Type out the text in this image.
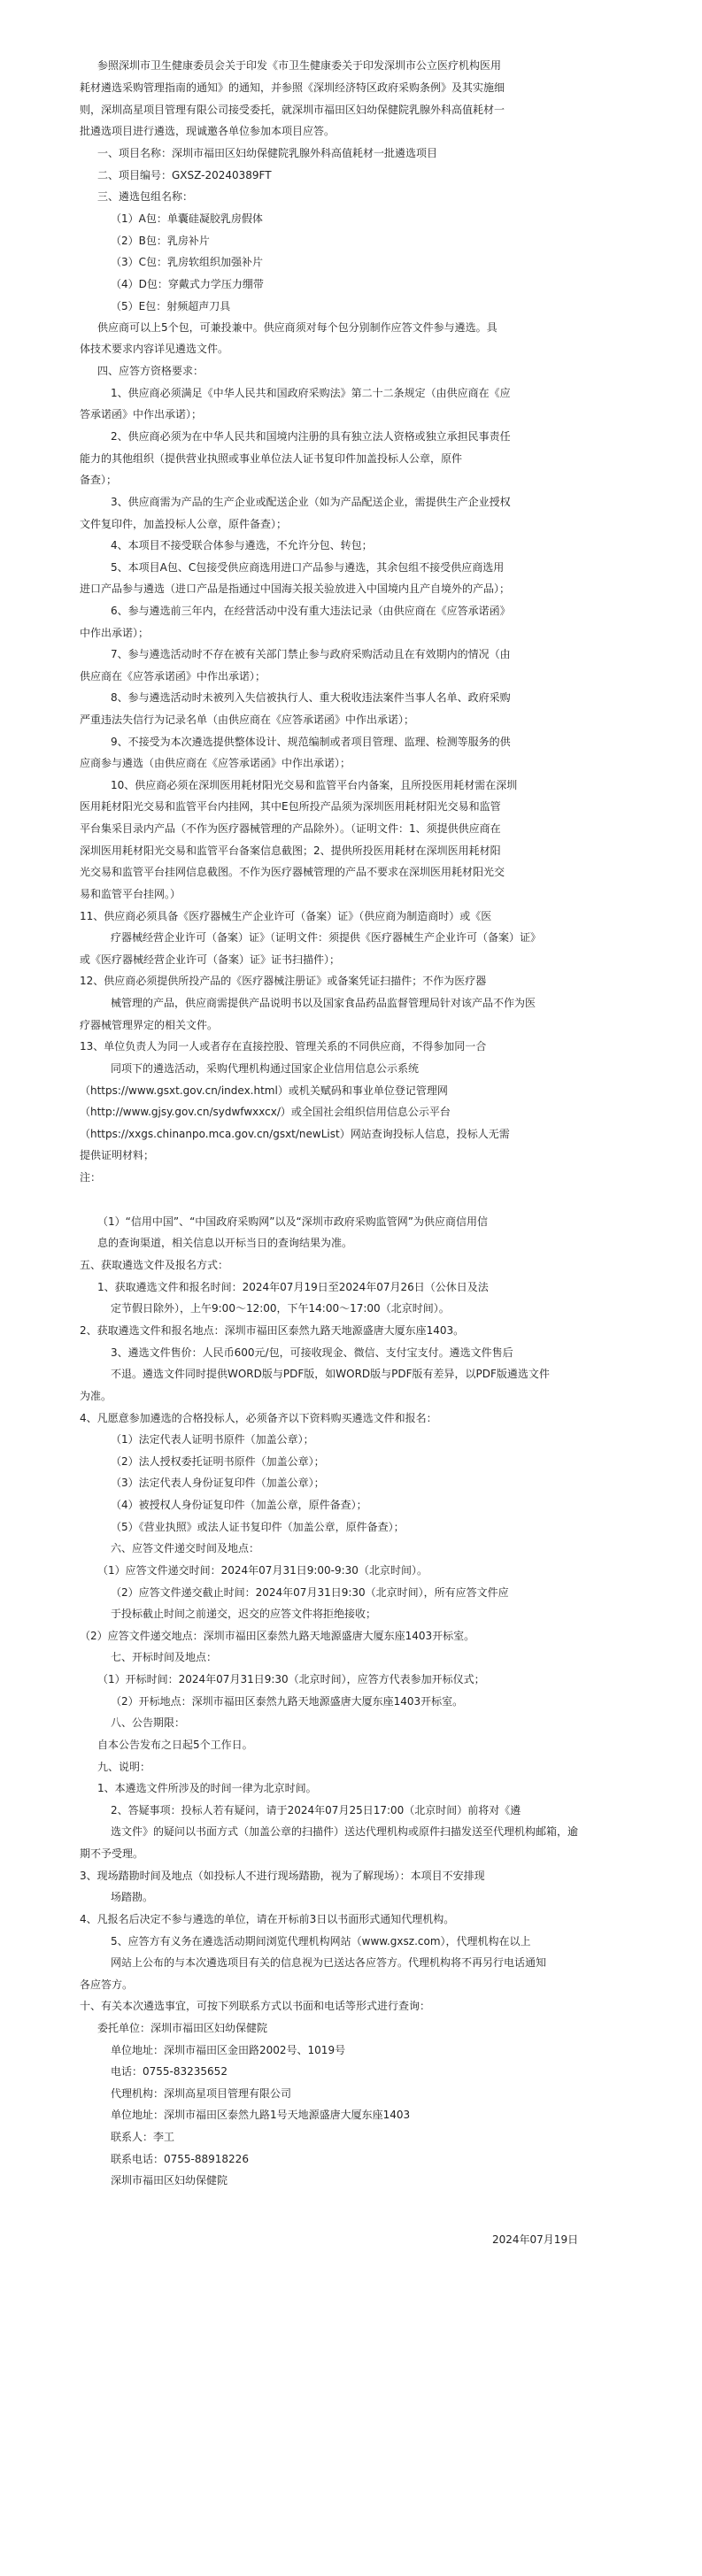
参照深圳市卫生健康委员会关于印发《市卫生健康委关于印发深圳市公立医疗机构医用
耗材遴选采购管理指南的通知》的通知，并参照《深圳经济特区政府采购条例》及其实施细
则，深圳高星项目管理有限公司接受委托，就深圳市福田区妇幼保健院乳腺外科高值耗材一
批遴选项目进行遴选，现诚邀各单位参加本项目应答。
一、项目名称：深圳市福田区妇幼保健院乳腺外科高值耗材一批遴选项目
二、项目编号：GXSZ-20240389FT
三、遴选包组名称：
（1）A包：单囊硅凝胶乳房假体
（2）B包：乳房补片
（3）C包：乳房软组织加强补片
（4）D包：穿戴式力学压力绷带
（5）E包：射频超声刀具
供应商可以上5个包，可兼投兼中。供应商须对每个包分别制作应答文件参与遴选。具
体技术要求内容详见遴选文件。
四、应答方资格要求：
1、供应商必须满足《中华人民共和国政府采购法》第二十二条规定（由供应商在《应
答承诺函》中作出承诺）；
2、供应商必须为在中华人民共和国境内注册的具有独立法人资格或独立承担民事责任
能力的其他组织（提供营业执照或事业单位法人证书复印件加盖投标人公章，原件
备查）；
3、供应商需为产品的生产企业或配送企业（如为产品配送企业，需提供生产企业授权
文件复印件，加盖投标人公章，原件备查）；
4、本项目不接受联合体参与遴选，不允许分包、转包；
5、本项目A包、C包接受供应商选用进口产品参与遴选，其余包组不接受供应商选用
进口产品参与遴选（进口产品是指通过中国海关报关验放进入中国境内且产自境外的产品）；
6、参与遴选前三年内，在经营活动中没有重大违法记录（由供应商在《应答承诺函》
中作出承诺）；
7、参与遴选活动时不存在被有关部门禁止参与政府采购活动且在有效期内的情况（由
供应商在《应答承诺函》中作出承诺）；
8、参与遴选活动时未被列入失信被执行人、重大税收违法案件当事人名单、政府采购
严重违法失信行为记录名单（由供应商在《应答承诺函》中作出承诺）；
9、不接受为本次遴选提供整体设计、规范编制或者项目管理、监理、检测等服务的供
应商参与遴选（由供应商在《应答承诺函》中作出承诺）；
10、供应商必须在深圳医用耗材阳光交易和监管平台内备案，且所投医用耗材需在深圳
医用耗材阳光交易和监管平台内挂网，其中E包所投产品须为深圳医用耗材阳光交易和监管
平台集采目录内产品（不作为医疗器械管理的产品除外）。（证明文件：1、须提供供应商在
深圳医用耗材阳光交易和监管平台备案信息截图；2、提供所投医用耗材在深圳医用耗材阳
光交易和监管平台挂网信息截图。不作为医疗器械管理的产品不要求在深圳医用耗材阳光交
易和监管平台挂网。）
11、供应商必须具备《医疗器械生产企业许可（备案）证》（供应商为制造商时）或《医
疗器械经营企业许可（备案）证》（证明文件：须提供《医疗器械生产企业许可（备案）证》
或《医疗器械经营企业许可（备案）证》证书扫描件）；
12、供应商必须提供所投产品的《医疗器械注册证》或备案凭证扫描件；不作为医疗器
械管理的产品，供应商需提供产品说明书以及国家食品药品监督管理局针对该产品不作为医
疗器械管理界定的相关文件。
13、单位负责人为同一人或者存在直接控股、管理关系的不同供应商，不得参加同一合
同项下的遴选活动，采购代理机构通过国家企业信用信息公示系统
（https://www.gsxt.gov.cn/index.html）或机关赋码和事业单位登记管理网
（http://www.gjsy.gov.cn/sydwfwxxcx/）或全国社会组织信用信息公示平台
（https://xxgs.chinanpo.mca.gov.cn/gsxt/newList）网站查询投标人信息，投标人无需
提供证明材料；
注：
（1）“信用中国”、“中国政府采购网”以及“深圳市政府采购监管网”为供应商信用信
息的查询渠道，相关信息以开标当日的查询结果为准。
五、获取遴选文件及报名方式：
1、获取遴选文件和报名时间：2024年07月19日至2024年07月26日（公休日及法
定节假日除外），上午9:00～12:00，下午14:00～17:00（北京时间）。
2、获取遴选文件和报名地点：深圳市福田区泰然九路天地源盛唐大厦东座1403。
3、遴选文件售价：人民币600元/包，可接收现金、微信、支付宝支付。遴选文件售后
不退。遴选文件同时提供WORD版与PDF版，如WORD版与PDF版有差异，以PDF版遴选文件
为准。
4、凡愿意参加遴选的合格投标人，必须备齐以下资料购买遴选文件和报名：
（1）法定代表人证明书原件（加盖公章）；
（2）法人授权委托证明书原件（加盖公章）；
（3）法定代表人身份证复印件（加盖公章）；
（4）被授权人身份证复印件（加盖公章，原件备查）；
（5）《营业执照》或法人证书复印件（加盖公章，原件备查）；
六、应答文件递交时间及地点：
（1）应答文件递交时间：2024年07月31日9:00-9:30（北京时间）。
（2）应答文件递交截止时间：2024年07月31日9:30（北京时间），所有应答文件应
于投标截止时间之前递交，迟交的应答文件将拒绝接收；
（2）应答文件递交地点：深圳市福田区泰然九路天地源盛唐大厦东座1403开标室。
七、开标时间及地点：
（1）开标时间：2024年07月31日9:30（北京时间），应答方代表参加开标仪式；
（2）开标地点：深圳市福田区泰然九路天地源盛唐大厦东座1403开标室。
八、公告期限：
自本公告发布之日起5个工作日。
九、说明：
1、本遴选文件所涉及的时间一律为北京时间。
2、答疑事项：投标人若有疑问，请于2024年07月25日17:00（北京时间）前将对《遴
选文件》的疑问以书面方式（加盖公章的扫描件）送达代理机构或原件扫描发送至代理机构邮箱，逾
期不予受理。
3、现场踏勘时间及地点（如投标人不进行现场踏勘，视为了解现场）：本项目不安排现
场踏勘。
4、凡报名后决定不参与遴选的单位，请在开标前3日以书面形式通知代理机构。
5、应答方有义务在遴选活动期间浏览代理机构网站（www.gxsz.com），代理机构在以上
网站上公布的与本次遴选项目有关的信息视为已送达各应答方。代理机构将不再另行电话通知
各应答方。
十、有关本次遴选事宜，可按下列联系方式以书面和电话等形式进行查询：
委托单位：深圳市福田区妇幼保健院
单位地址：深圳市福田区金田路2002号、1019号
电话：0755-83235652
代理机构：深圳高星项目管理有限公司
单位地址：深圳市福田区泰然九路1号天地源盛唐大厦东座1403
联系人：李工
联系电话：0755-88918226
深圳市福田区妇幼保健院
2024年07月19日
